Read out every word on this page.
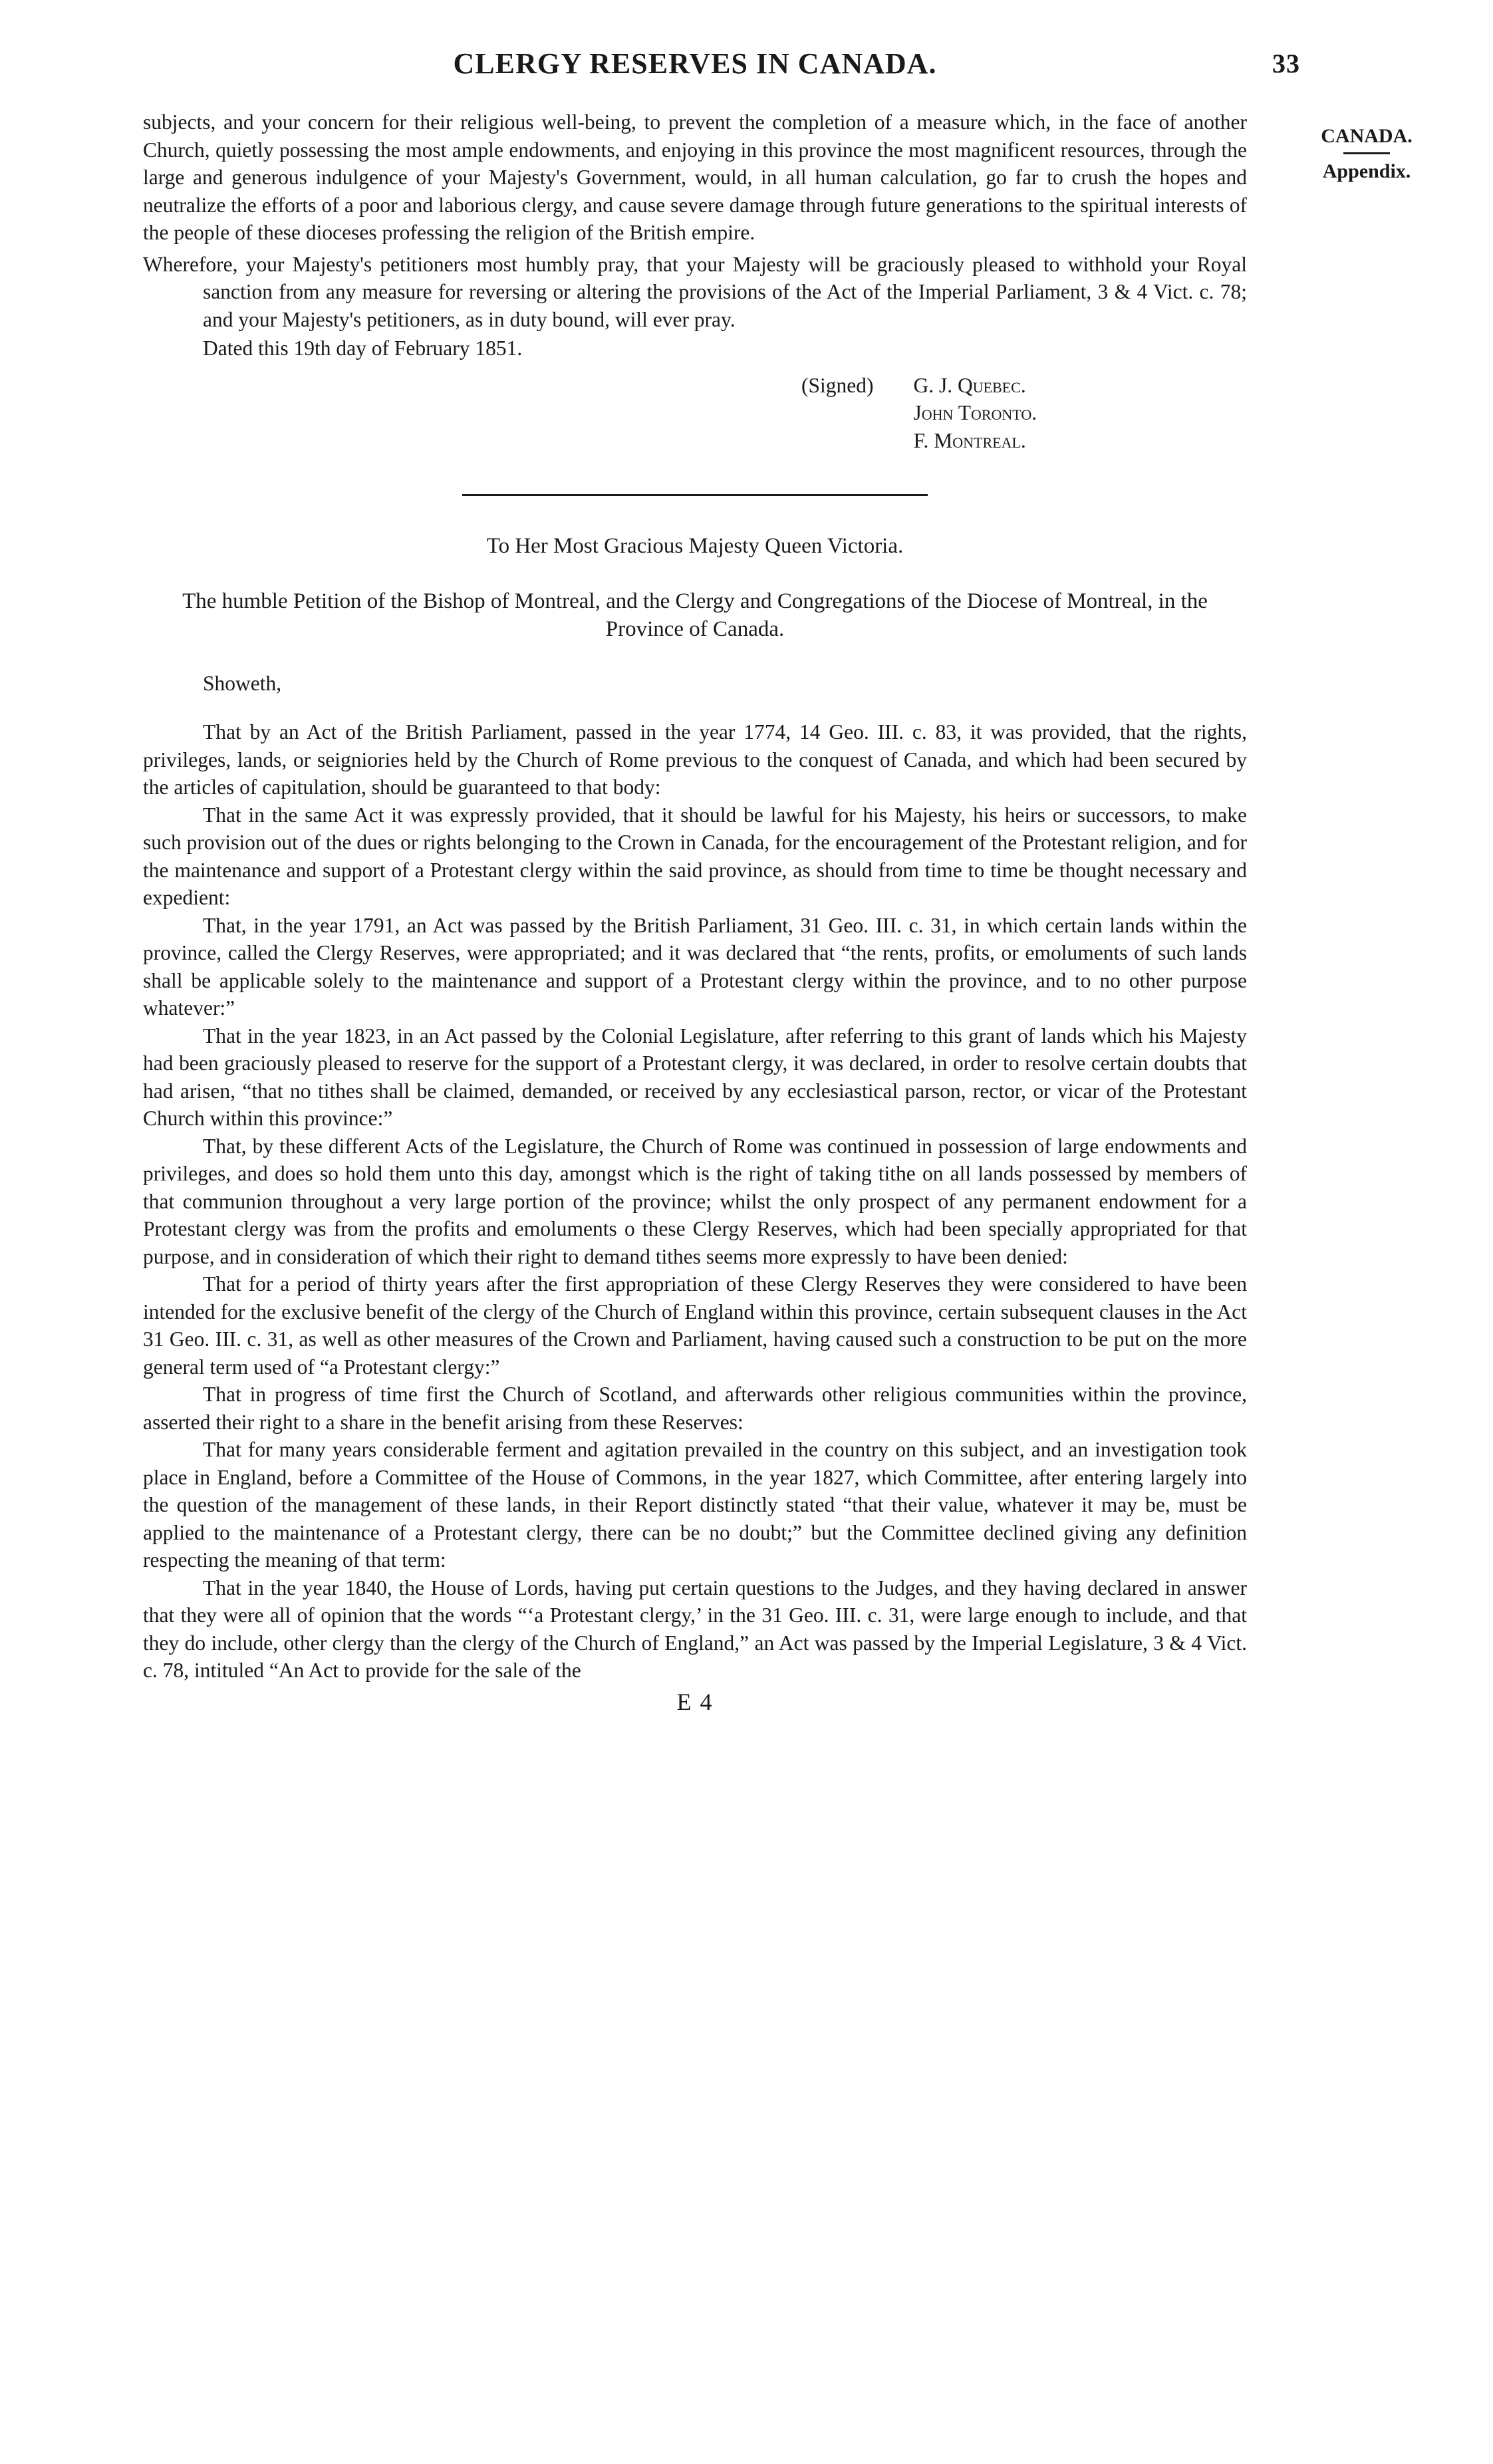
CLERGY RESERVES IN CANADA.	33

subjects, and your concern for their religious well-being, to prevent the completion of a measure which, in the face of another Church, quietly possessing the most ample endowments, and enjoying in this province the most magnificent resources, through the large and generous indulgence of your Majesty's Government, would, in all human calculation, go far to crush the hopes and neutralize the efforts of a poor and laborious clergy, and cause severe damage through future generations to the spiritual interests of the people of these dioceses professing the religion of the British empire.

Wherefore, your Majesty's petitioners most humbly pray, that your Majesty will be graciously pleased to withhold your Royal sanction from any measure for reversing or altering the provisions of the Act of the Imperial Parliament, 3 & 4 Vict. c. 78; and your Majesty's petitioners, as in duty bound, will ever pray.

Dated this 19th day of February 1851.

(Signed) G. J. Quebec.
John Toronto.
F. Montreal.

To Her Most Gracious Majesty Queen Victoria.

The humble Petition of the Bishop of Montreal, and the Clergy and Congregations of the Diocese of Montreal, in the Province of Canada.

Showeth,

That by an Act of the British Parliament, passed in the year 1774, 14 Geo. III. c. 83, it was provided, that the rights, privileges, lands, or seigniories held by the Church of Rome previous to the conquest of Canada, and which had been secured by the articles of capitulation, should be guaranteed to that body:

That in the same Act it was expressly provided, that it should be lawful for his Majesty, his heirs or successors, to make such provision out of the dues or rights belonging to the Crown in Canada, for the encouragement of the Protestant religion, and for the maintenance and support of a Protestant clergy within the said province, as should from time to time be thought necessary and expedient:

That, in the year 1791, an Act was passed by the British Parliament, 31 Geo. III. c. 31, in which certain lands within the province, called the Clergy Reserves, were appropriated; and it was declared that “the rents, profits, or emoluments of such lands shall be applicable solely to the maintenance and support of a Protestant clergy within the province, and to no other purpose whatever:”

That in the year 1823, in an Act passed by the Colonial Legislature, after referring to this grant of lands which his Majesty had been graciously pleased to reserve for the support of a Protestant clergy, it was declared, in order to resolve certain doubts that had arisen, “that no tithes shall be claimed, demanded, or received by any ecclesiastical parson, rector, or vicar of the Protestant Church within this province:”

That, by these different Acts of the Legislature, the Church of Rome was continued in possession of large endowments and privileges, and does so hold them unto this day, amongst which is the right of taking tithe on all lands possessed by members of that communion throughout a very large portion of the province; whilst the only prospect of any permanent endowment for a Protestant clergy was from the profits and emoluments o these Clergy Reserves, which had been specially appropriated for that purpose, and in consideration of which their right to demand tithes seems more expressly to have been denied:

That for a period of thirty years after the first appropriation of these Clergy Reserves they were considered to have been intended for the exclusive benefit of the clergy of the Church of England within this province, certain subsequent clauses in the Act 31 Geo. III. c. 31, as well as other measures of the Crown and Parliament, having caused such a construction to be put on the more general term used of “a Protestant clergy:”

That in progress of time first the Church of Scotland, and afterwards other religious communities within the province, asserted their right to a share in the benefit arising from these Reserves:

That for many years considerable ferment and agitation prevailed in the country on this subject, and an investigation took place in England, before a Committee of the House of Commons, in the year 1827, which Committee, after entering largely into the question of the management of these lands, in their Report distinctly stated “that their value, whatever it may be, must be applied to the maintenance of a Protestant clergy, there can be no doubt;” but the Committee declined giving any definition respecting the meaning of that term:

That in the year 1840, the House of Lords, having put certain questions to the Judges, and they having declared in answer that they were all of opinion that the words “‘a Protestant clergy,’ in the 31 Geo. III. c. 31, were large enough to include, and that they do include, other clergy than the clergy of the Church of England,” an Act was passed by the Imperial Legislature, 3 & 4 Vict. c. 78, intituled “An Act to provide for the sale of the

E 4
CANADA.
Appendix.
